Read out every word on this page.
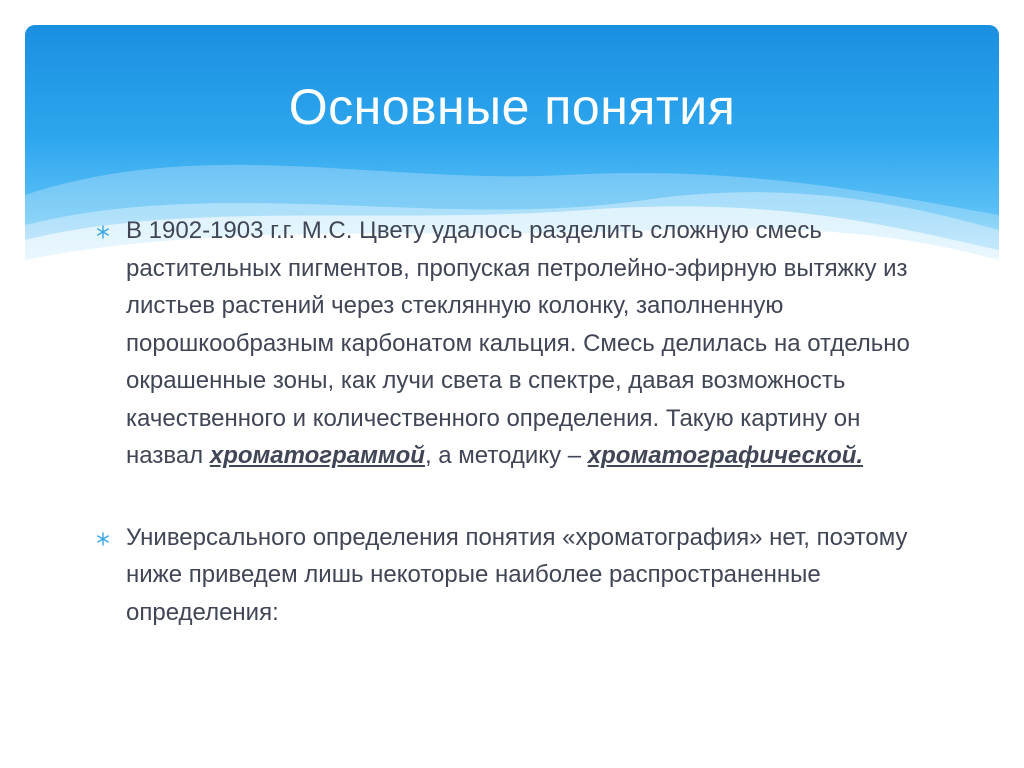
Основные понятия
В 1902-1903 г.г. М.С. Цвету удалось разделить сложную смесь растительных пигментов, пропуская петролейно-эфирную вытяжку из листьев растений через стеклянную колонку, заполненную порошкообразным карбонатом кальция. Смесь делилась на отдельно окрашенные зоны, как лучи света в спектре, давая возможность качественного и количественного определения. Такую картину он назвал хроматограммой, а методику – хроматографической.
Универсального определения понятия «хроматография» нет, поэтому ниже приведем лишь некоторые наиболее распространенные определения:
